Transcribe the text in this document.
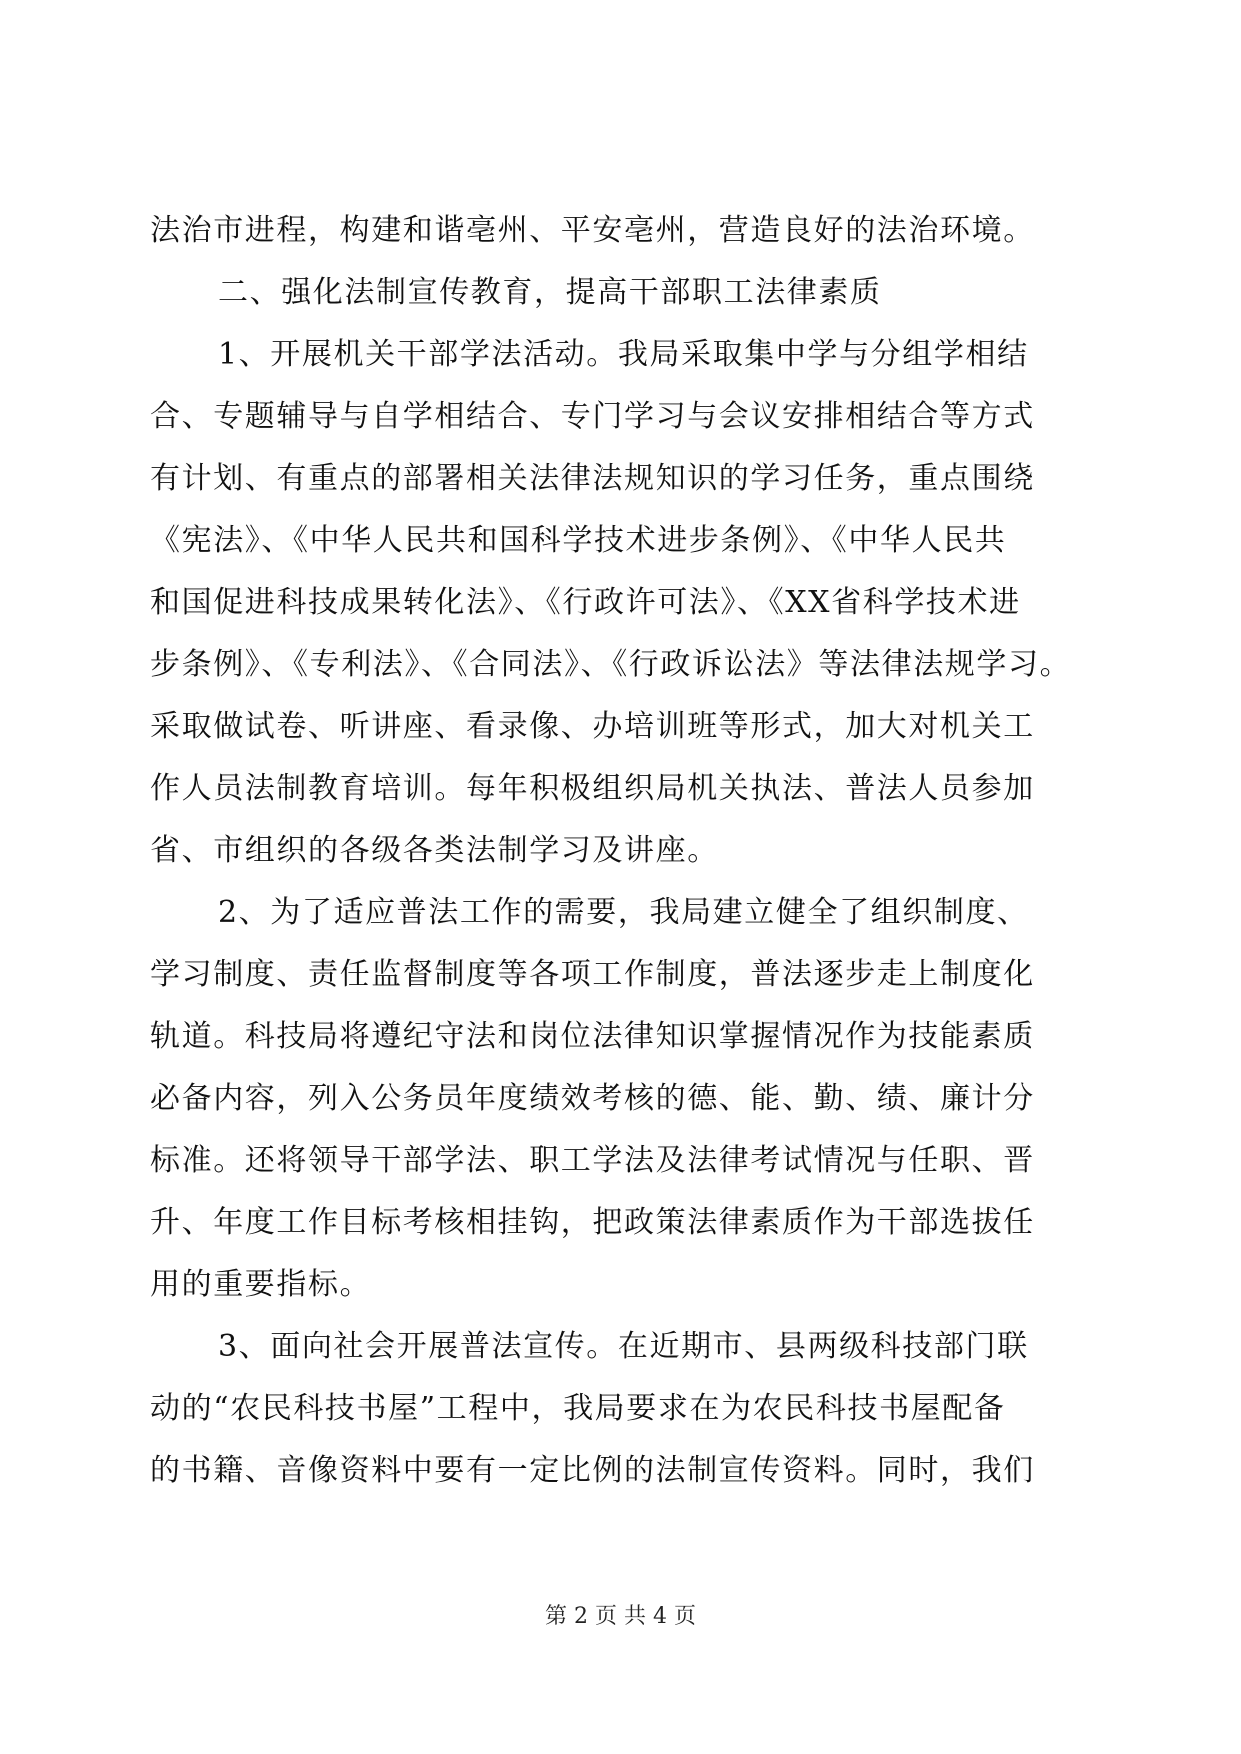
法治市进程，构建和谐亳州、平安亳州，营造良好的法治环境。
二、强化法制宣传教育，提高干部职工法律素质
1、开展机关干部学法活动。我局采取集中学与分组学相结
合、专题辅导与自学相结合、专门学习与会议安排相结合等方式
有计划、有重点的部署相关法律法规知识的学习任务，重点围绕
《宪法》、《中华人民共和国科学技术进步条例》、《中华人民共
和国促进科技成果转化法》、《行政许可法》、《XX省科学技术进
步条例》、《专利法》、《合同法》、《行政诉讼法》等法律法规学习。
采取做试卷、听讲座、看录像、办培训班等形式，加大对机关工
作人员法制教育培训。每年积极组织局机关执法、普法人员参加
省、市组织的各级各类法制学习及讲座。
2、为了适应普法工作的需要，我局建立健全了组织制度、
学习制度、责任监督制度等各项工作制度，普法逐步走上制度化
轨道。科技局将遵纪守法和岗位法律知识掌握情况作为技能素质
必备内容，列入公务员年度绩效考核的德、能、勤、绩、廉计分
标准。还将领导干部学法、职工学法及法律考试情况与任职、晋
升、年度工作目标考核相挂钩，把政策法律素质作为干部选拔任
用的重要指标。
3、面向社会开展普法宣传。在近期市、县两级科技部门联
动的“农民科技书屋”工程中，我局要求在为农民科技书屋配备
的书籍、音像资料中要有一定比例的法制宣传资料。同时，我们
第 2 页 共 4 页
